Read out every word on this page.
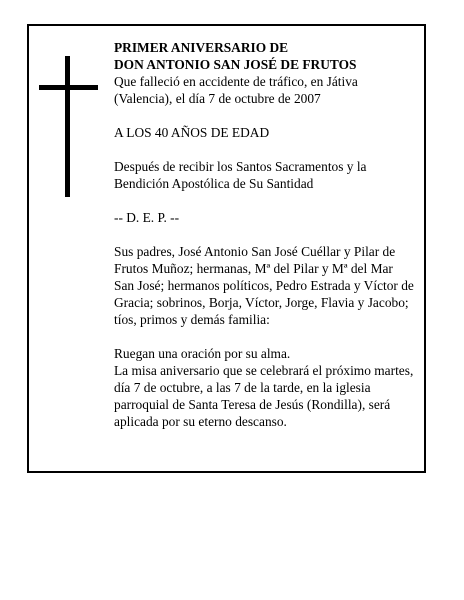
PRIMER ANIVERSARIO DE
DON ANTONIO SAN JOSÉ DE FRUTOS

Que falleció en accidente de tráfico, en Játiva
(Valencia), el día 7 de octubre de 2007

A LOS 40 AÑOS DE EDAD

Después de recibir los Santos Sacramentos y la
Bendición Apostólica de Su Santidad

-- D. E. P. --

Sus padres, José Antonio San José Cuéllar y Pilar de
Frutos Muñoz; hermanas, Mª del Pilar y Mª del Mar
San José; hermanos políticos, Pedro Estrada y Víctor de
Gracia; sobrinos, Borja, Víctor, Jorge, Flavia y Jacobo;
tíos, primos y demás familia:

Ruegan una oración por su alma.
La misa aniversario que se celebrará el próximo martes,
día 7 de octubre, a las 7 de la tarde, en la iglesia
parroquial de Santa Teresa de Jesús (Rondilla), será
aplicada por su eterno descanso.
